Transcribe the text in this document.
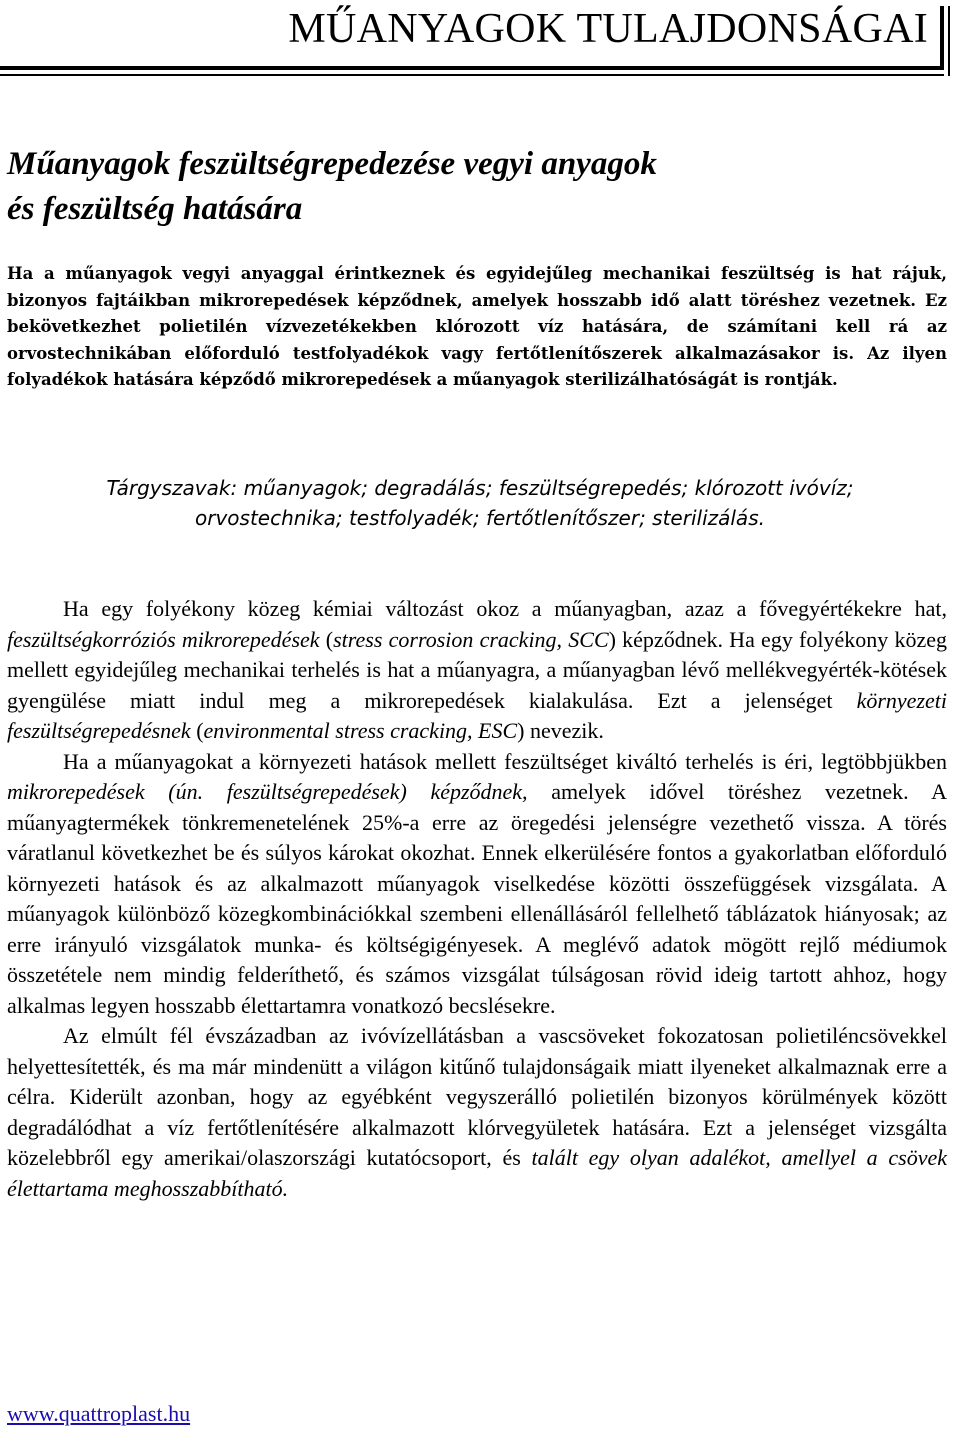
MŰANYAGOK TULAJDONSÁGAI
Műanyagok feszültségrepedezése vegyi anyagok
és feszültség hatására
Ha a műanyagok vegyi anyaggal érintkeznek és egyidejűleg mechanikai feszültség is hat rájuk, bizonyos fajtáikban mikrorepedések képződnek, amelyek hosszabb idő alatt töréshez vezetnek. Ez bekövetkezhet polietilén vízvezetékekben klórozott víz hatására, de számítani kell rá az orvostechnikában előforduló testfolyadékok vagy fertőtlenítőszerek alkalmazásakor is. Az ilyen folyadékok hatására képződő mikrorepedések a műanyagok sterilizálhatóságát is rontják.
Tárgyszavak: műanyagok; degradálás; feszültségrepedés; klórozott ivóvíz;
orvostechnika; testfolyadék; fertőtlenítőszer; sterilizálás.

Ha egy folyékony közeg kémiai változást okoz a műanyagban, azaz a fővegyértékekre hat, feszültségkorróziós mikrorepedések (stress corrosion cracking, SCC) képződnek. Ha egy folyékony közeg mellett egyidejűleg mechanikai terhelés is hat a műanyagra, a műanyagban lévő mellékvegyérték-kötések gyengülése miatt indul meg a mikrorepedések kialakulása. Ezt a jelenséget környezeti feszültségrepedésnek (environmental stress cracking, ESC) nevezik.

Ha a műanyagokat a környezeti hatások mellett feszültséget kiváltó terhelés is éri, legtöbbjükben mikrorepedések (ún. feszültségrepedések) képződnek, amelyek idővel töréshez vezetnek. A műanyagtermékek tönkremenetelének 25%-a erre az öregedési jelenségre vezethető vissza. A törés váratlanul következhet be és súlyos károkat okozhat. Ennek elkerülésére fontos a gyakorlatban előforduló környezeti hatások és az alkalmazott műanyagok viselkedése közötti összefüggések vizsgálata. A műanyagok különböző közegkombinációkkal szembeni ellenállásáról fellelhető táblázatok hiányosak; az erre irányuló vizsgálatok munka- és költségigényesek. A meglévő adatok mögött rejlő médiumok összetétele nem mindig felderíthető, és számos vizsgálat túlságosan rövid ideig tartott ahhoz, hogy alkalmas legyen hosszabb élettartamra vonatkozó becslésekre.

Az elmúlt fél évszázadban az ivóvízellátásban a vascsöveket fokozatosan polietiléncsövekkel helyettesítették, és ma már mindenütt a világon kitűnő tulajdonságaik miatt ilyeneket alkalmaznak erre a célra. Kiderült azonban, hogy az egyébként vegyszerálló polietilén bizonyos körülmények között degradálódhat a víz fertőtlenítésére alkalmazott klórvegyületek hatására. Ezt a jelenséget vizsgálta közelebbről egy amerikai/olaszországi kutatócsoport, és talált egy olyan adalékot, amellyel a csövek élettartama meghosszabbítható.

www.quattroplast.hu
